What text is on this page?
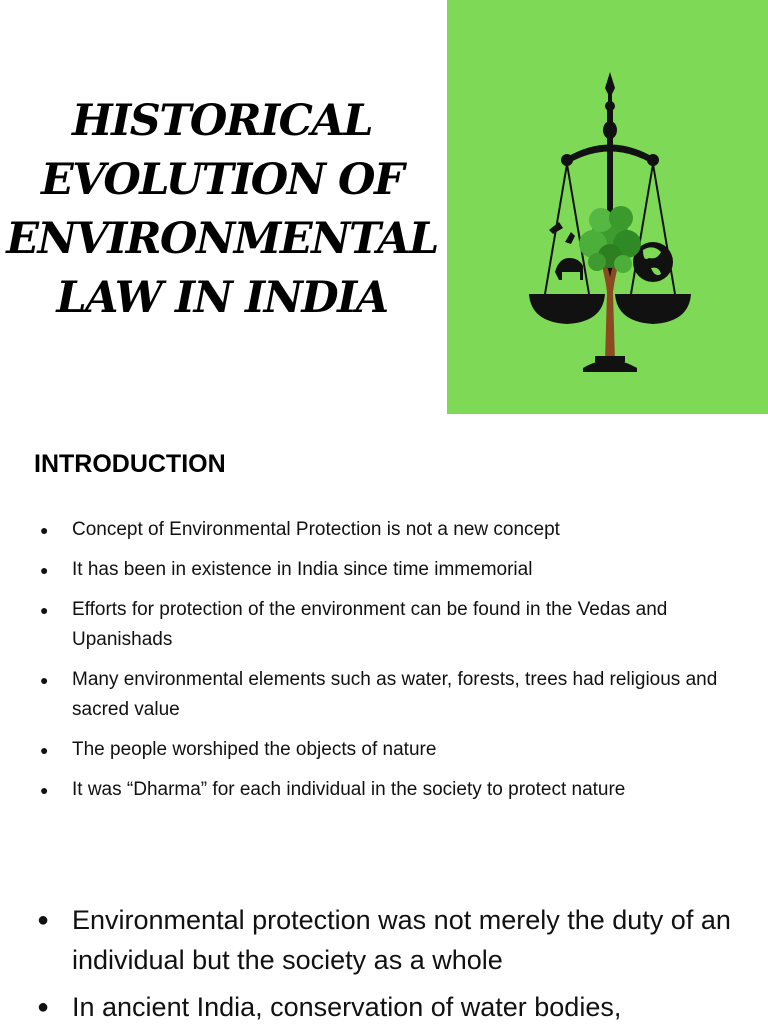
HISTORICAL
EVOLUTION OF
ENVIRONMENTAL
LAW IN INDIA
INTRODUCTION
● Concept of Environmental Protection is not a new concept
● It has been in existence in India since time immemorial
● Efforts for protection of the environment can be found in the Vedas and Upanishads
● Many environmental elements such as water, forests, trees had religious and sacred value
● The people worshiped the objects of nature
● It was “Dharma” for each individual in the society to protect nature
● Environmental protection was not merely the duty of an individual but the society as a whole
● In ancient India, conservation of water bodies,
